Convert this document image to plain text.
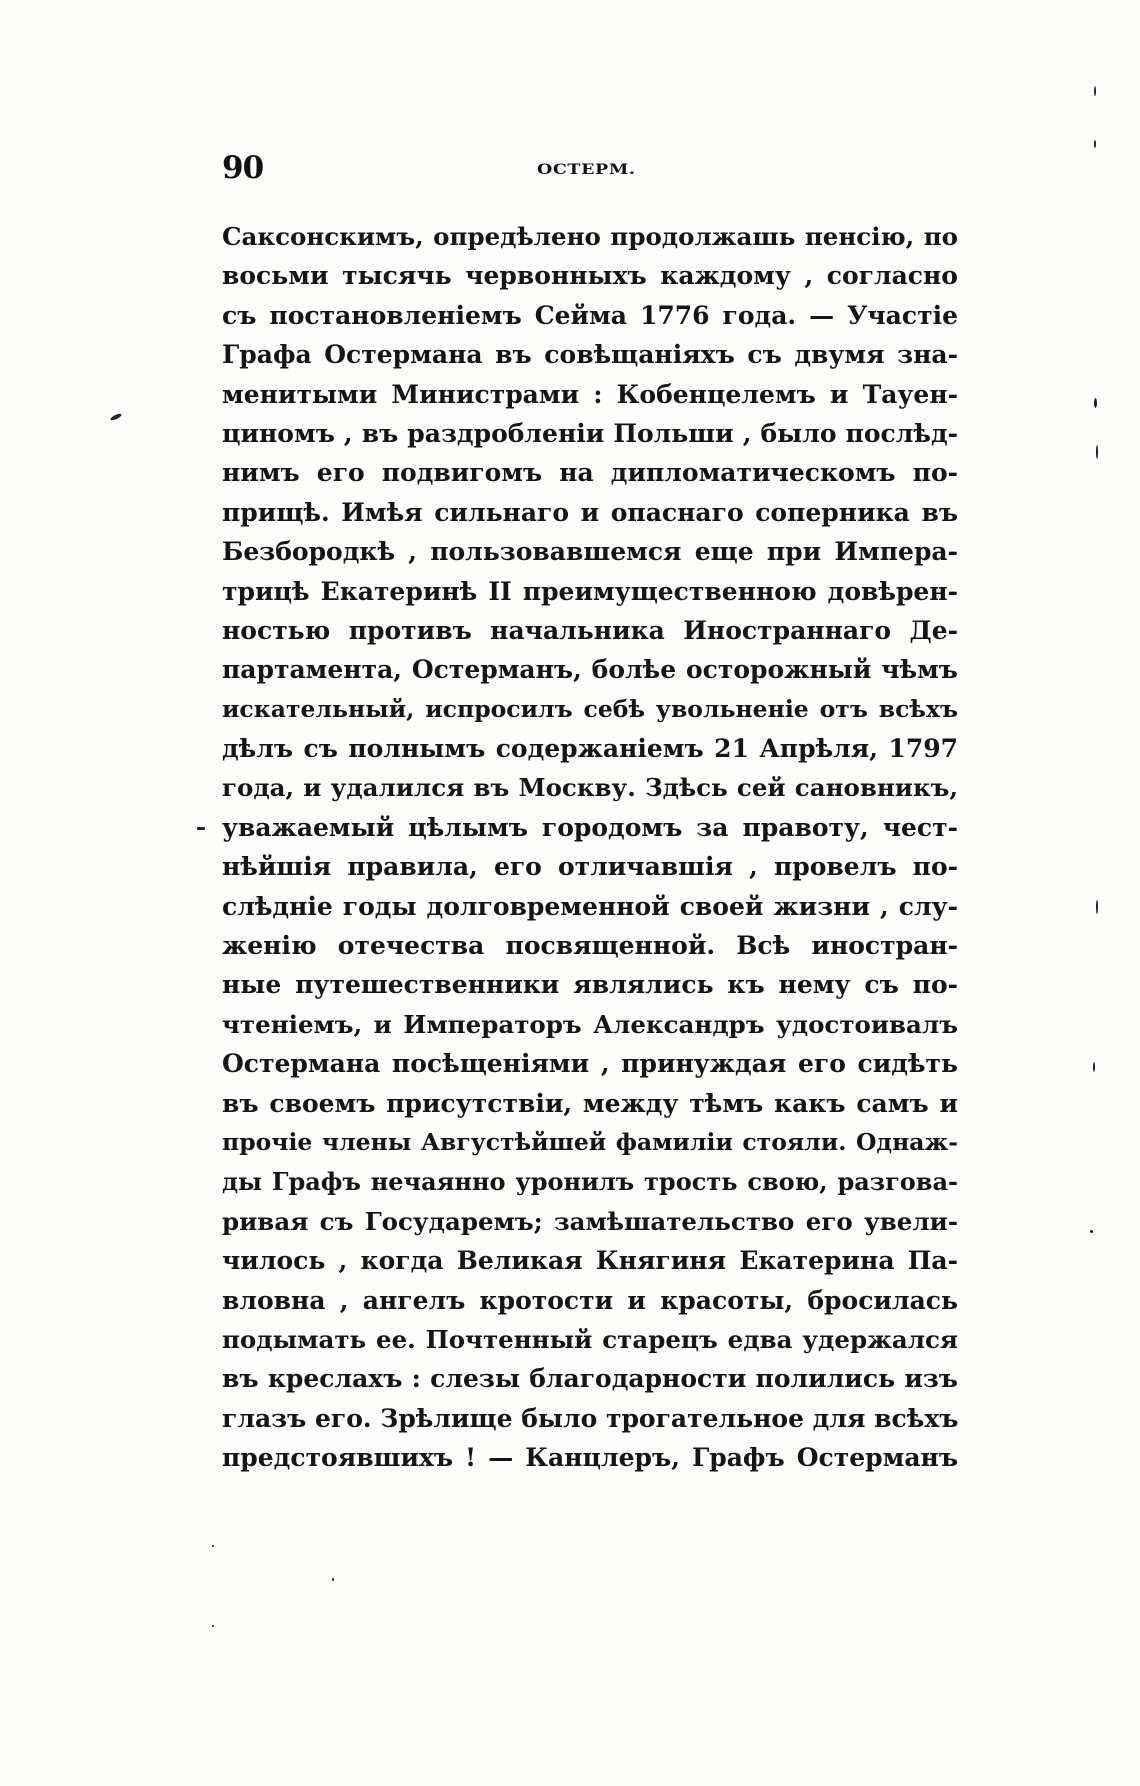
90	ОСТЕРМ.
Саксонскимъ, опредѣлено продолжашь пенсію, по
восьми тысячь червонныхъ каждому , согласно
съ постановленіемъ Сейма 1776 года. — Участіе
Графа Остермана въ совѣщаніяхъ съ двумя зна-
менитыми Министрами : Кобенцелемъ и Тауен-
циномъ , въ раздробленіи Польши , было послѣд-
нимъ его подвигомъ на дипломатическомъ по-
прищѣ. Имѣя сильнаго и опаснаго соперника въ
Безбородкѣ , пользовавшемся еще при Импера-
трицѣ Екатеринѣ II преимущественною довѣрен-
ностью противъ начальника Иностраннаго Де-
партамента, Остерманъ, болѣе осторожный чѣмъ
искательный, испросилъ себѣ увольненіе отъ всѣхъ
дѣлъ съ полнымъ содержаніемъ 21 Апрѣля, 1797
года, и удалился въ Москву. Здѣсь сей сановникъ,
уважаемый цѣлымъ городомъ за правоту, чест-
нѣйшія правила, его отличавшія , провелъ по-
слѣдніе годы долговременной своей жизни , слу-
женію отечества посвященной. Всѣ иностран-
ные путешественники являлись къ нему съ по-
чтеніемъ, и Императоръ Александръ удостоивалъ
Остермана посѣщеніями , принуждая его сидѣть
въ своемъ присутствіи, между тѣмъ какъ самъ и
прочіе члены Августѣйшей фамиліи стояли. Однаж-
ды Графъ нечаянно уронилъ трость свою, разгова-
ривая съ Государемъ; замѣшательство его увели-
чилось , когда Великая Княгиня Екатерина Па-
вловна , ангелъ кротости и красоты, бросилась
подымать ее. Почтенный старецъ едва удержался
въ креслахъ : слезы благодарности полились изъ
глазъ его. Зрѣлище было трогательное для всѣхъ
предстоявшихъ ! — Канцлеръ, Графъ Остерманъ
